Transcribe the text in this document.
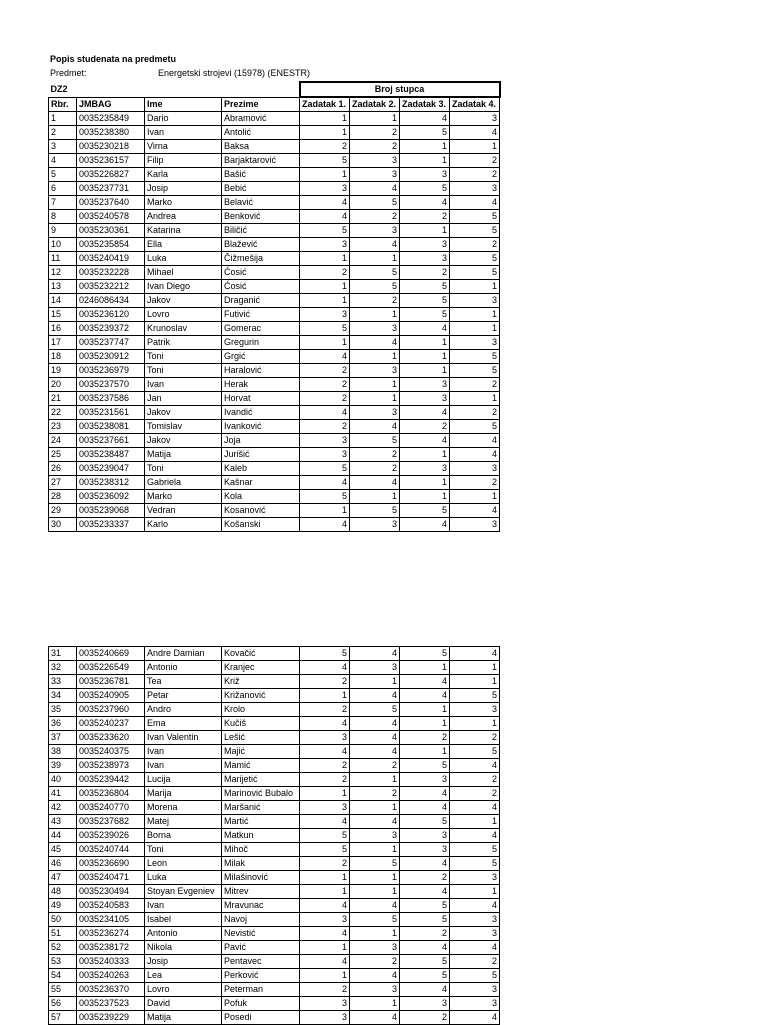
Popis studenata na predmetu
Predmet:	Energetski strojevi (15978) (ENESTR)
DZ2				Broj stupca			
Rbr.	JMBAG	Ime	Prezime	Zadatak 1.	Zadatak 2.	Zadatak 3.	Zadatak 4.
1	0035235849	Dario	Abramović	1	1	4	3
2	0035238380	Ivan	Antolić	1	2	5	4
3	0035230218	Virna	Baksa	2	2	1	1
4	0035236157	Filip	Barjaktarović	5	3	1	2
5	0035226827	Karla	Bašić	1	3	3	2
6	0035237731	Josip	Bebić	3	4	5	3
7	0035237640	Marko	Belavić	4	5	4	4
8	0035240578	Andrea	Benković	4	2	2	5
9	0035230361	Katarina	Biličić	5	3	1	5
10	0035235854	Ella	Blažević	3	4	3	2
11	0035240419	Luka	Čižmešija	1	1	3	5
12	0035232228	Mihael	Ćosić	2	5	2	5
13	0035232212	Ivan Diego	Ćosić	1	5	5	1
14	0246086434	Jakov	Draganić	1	2	5	3
15	0035236120	Lovro	Futivić	3	1	5	1
16	0035239372	Krunoslav	Gomerac	5	3	4	1
17	0035237747	Patrik	Gregurin	1	4	1	3
18	0035230912	Toni	Grgić	4	1	1	5
19	0035236979	Toni	Haralović	2	3	1	5
20	0035237570	Ivan	Herak	2	1	3	2
21	0035237586	Jan	Horvat	2	1	3	1
22	0035231561	Jakov	Ivandić	4	3	4	2
23	0035238081	Tomislav	Ivanković	2	4	2	5
24	0035237661	Jakov	Joja	3	5	4	4
25	0035238487	Matija	Jurišić	3	2	1	4
26	0035239047	Toni	Kaleb	5	2	3	3
27	0035238312	Gabriela	Kašnar	4	4	1	2
28	0035236092	Marko	Kola	5	1	1	1
29	0035239068	Vedran	Kosanović	1	5	5	4
30	0035233337	Karlo	Košanski	4	3	4	3
31	0035240669	Andre Damian	Kovačić	5	4	5	4
32	0035226549	Antonio	Kranjec	4	3	1	1
33	0035236781	Tea	Križ	2	1	4	1
34	0035240905	Petar	Križanović	1	4	4	5
35	0035237960	Andro	Krolo	2	5	1	3
36	0035240237	Ema	Kučiš	4	4	1	1
37	0035233620	Ivan Valentin	Lešić	3	4	2	2
38	0035240375	Ivan	Majić	4	4	1	5
39	0035238973	Ivan	Mamić	2	2	5	4
40	0035239442	Lucija	Marijetić	2	1	3	2
41	0035236804	Marija	Marinović Bubalo	1	2	4	2
42	0035240770	Morena	Maršanić	3	1	4	4
43	0035237682	Matej	Martić	4	4	5	1
44	0035239026	Borna	Matkun	5	3	3	4
45	0035240744	Toni	Mihoč	5	1	3	5
46	0035236690	Leon	Milak	2	5	4	5
47	0035240471	Luka	Milašinović	1	1	2	3
48	0035230494	Stoyan Evgeniev	Mitrev	1	1	4	1
49	0035240583	Ivan	Mravunac	4	4	5	4
50	0035234105	Isabel	Navoj	3	5	5	3
51	0035236274	Antonio	Nevistić	4	1	2	3
52	0035238172	Nikola	Pavić	1	3	4	4
53	0035240333	Josip	Pentavec	4	2	5	2
54	0035240263	Lea	Perković	1	4	5	5
55	0035236370	Lovro	Peterman	2	3	4	3
56	0035237523	David	Pofuk	3	1	3	3
57	0035239229	Matija	Posedi	3	4	2	4
